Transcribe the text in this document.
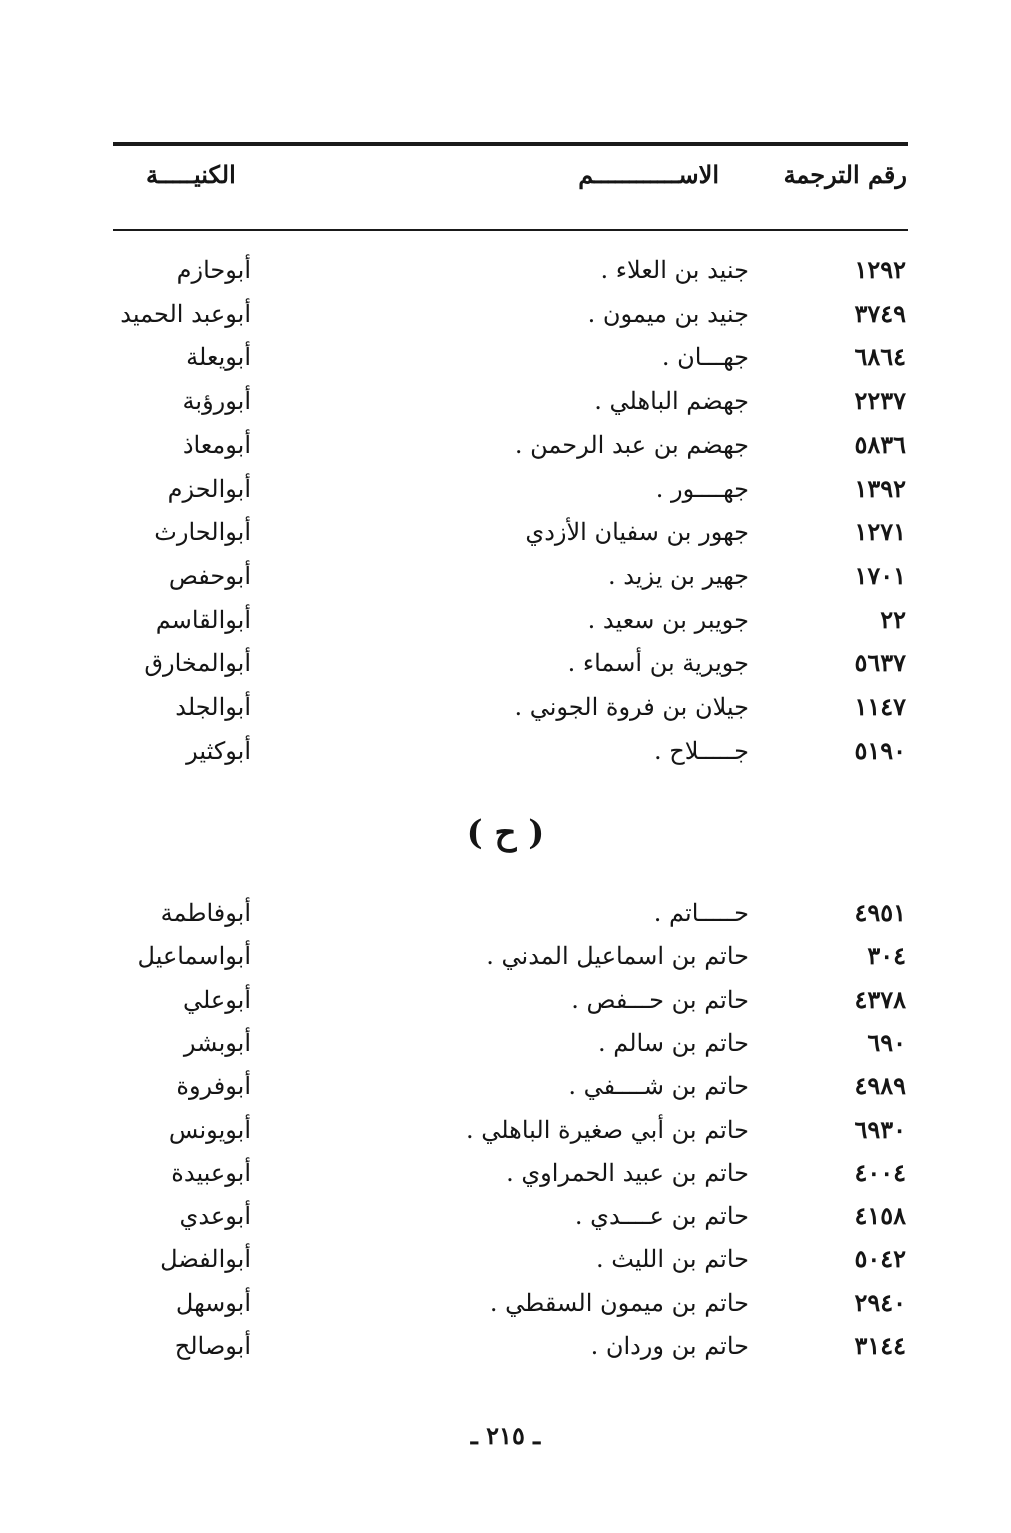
رقم الترجمة
الاســــــــــــم
الكنيـــــة
١٢٩٢
جنيد بن العلاء .
أبوحازم
٣٧٤٩
جنيد بن ميمون .
أبوعبد الحميد
٦٨٦٤
جهـــان .
أبويعلة
٢٢٣٧
جهضم الباهلي .
أبورؤبة
٥٨٣٦
جهضم بن عبد الرحمن .
أبومعاذ
١٣٩٢
جهــــور .
أبوالحزم
١٢٧١
جهور بن سفيان الأزدي
أبوالحارث
١٧٠١
جهير بن يزيد .
أبوحفص
٢٢
جويبر بن سعيد .
أبوالقاسم
٥٦٣٧
جويرية بن أسماء .
أبوالمخارق
١١٤٧
جيلان بن فروة الجوني .
أبوالجلد
٥١٩٠
جـــــلاح .
أبوكثير
( ح )
٤٩٥١
حـــــاتم .
أبوفاطمة
٣٠٤
حاتم بن اسماعيل المدني .
أبواسماعيل
٤٣٧٨
حاتم بن حـــفص .
أبوعلي
٦٩٠
حاتم بن سالم .
أبوبشر
٤٩٨٩
حاتم بن شــــفي .
أبوفروة
٦٩٣٠
حاتم بن أبي صغيرة الباهلي .
أبويونس
٤٠٠٤
حاتم بن عبيد الحمراوي .
أبوعبيدة
٤١٥٨
حاتم بن عــــدي .
أبوعدي
٥٠٤٢
حاتم بن الليث .
أبوالفضل
٢٩٤٠
حاتم بن ميمون السقطي .
أبوسهل
٣١٤٤
حاتم بن وردان .
أبوصالح
ـ ٢١٥ ـ
